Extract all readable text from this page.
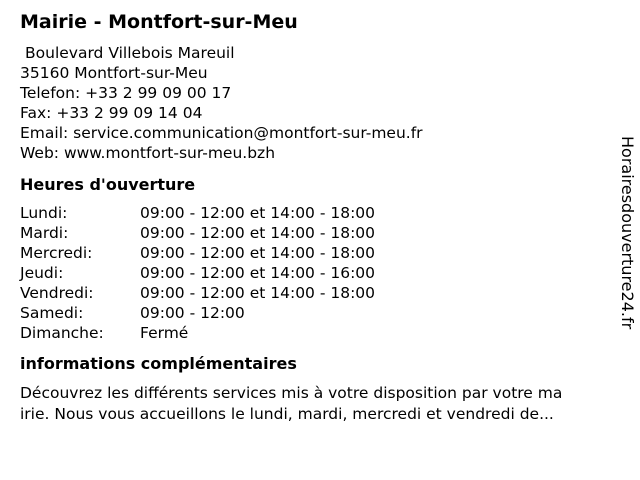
Mairie - Montfort-sur-Meu
Boulevard Villebois Mareuil
35160 Montfort-sur-Meu
Telefon: +33 2 99 09 00 17
Fax: +33 2 99 09 14 04
Email: service.communication@montfort-sur-meu.fr
Web: www.montfort-sur-meu.bzh
Heures d'ouverture
Lundi:	09:00 - 12:00 et 14:00 - 18:00
Mardi:	09:00 - 12:00 et 14:00 - 18:00
Mercredi:	09:00 - 12:00 et 14:00 - 18:00
Jeudi:	09:00 - 12:00 et 14:00 - 16:00
Vendredi:	09:00 - 12:00 et 14:00 - 18:00
Samedi:	09:00 - 12:00
Dimanche: Fermé
informations complémentaires
Découvrez les différents services mis à votre disposition par votre ma
irie. Nous vous accueillons le lundi, mardi, mercredi et vendredi de...
Horairesdouverture24.fr
